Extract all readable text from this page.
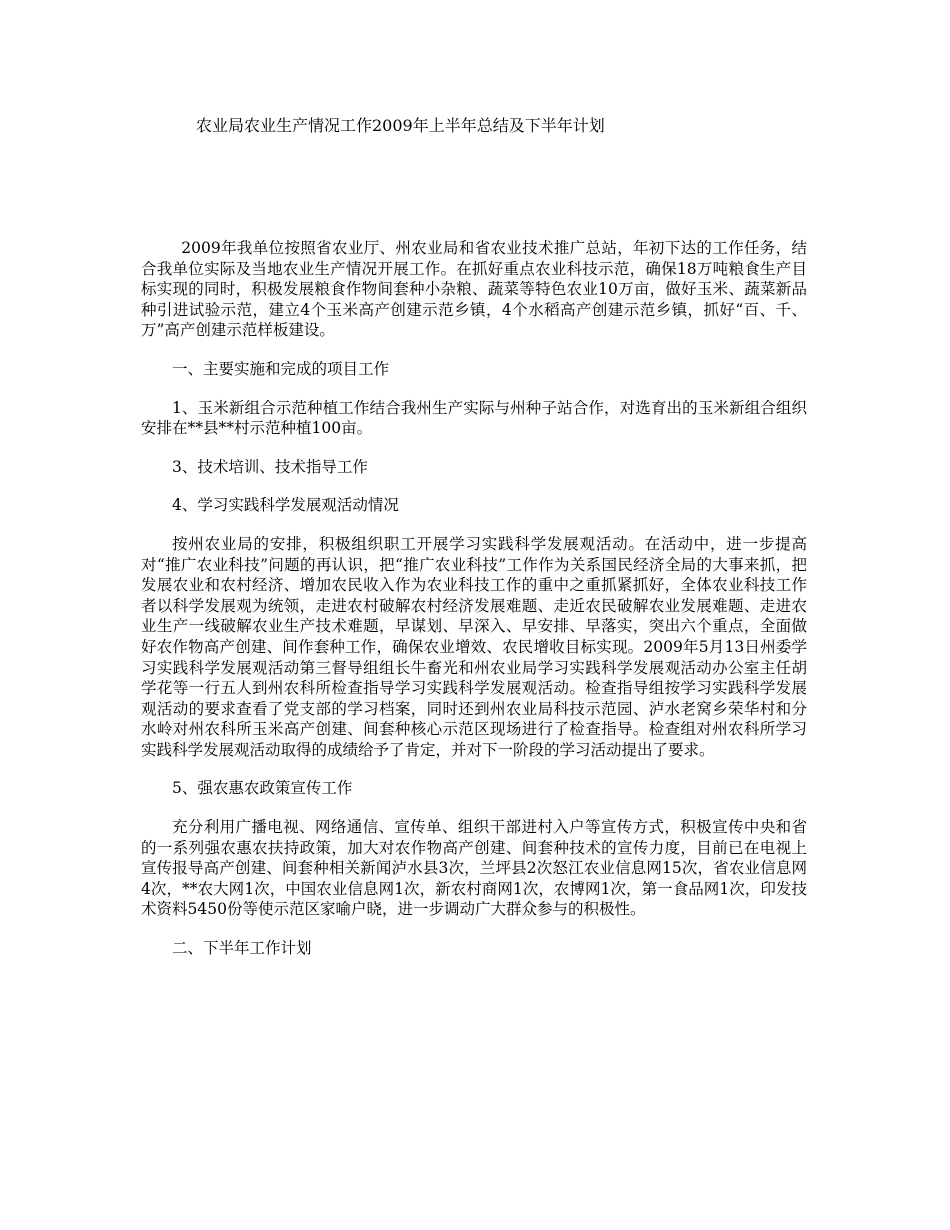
农业局农业生产情况工作2009年上半年总结及下半年计划

2009年我单位按照省农业厅、州农业局和省农业技术推广总站，年初下达的工作任务，结合我单位实际及当地农业生产情况开展工作。在抓好重点农业科技示范，确保18万吨粮食生产目标实现的同时，积极发展粮食作物间套种小杂粮、蔬菜等特色农业10万亩，做好玉米、蔬菜新品种引进试验示范，建立4个玉米高产创建示范乡镇，4个水稻高产创建示范乡镇，抓好“百、千、万”高产创建示范样板建设。

一、主要实施和完成的项目工作

1、玉米新组合示范种植工作结合我州生产实际与州种子站合作，对选育出的玉米新组合组织安排在**县**村示范种植100亩。

3、技术培训、技术指导工作

4、学习实践科学发展观活动情况

按州农业局的安排，积极组织职工开展学习实践科学发展观活动。在活动中，进一步提高对“推广农业科技”问题的再认识，把“推广农业科技”工作作为关系国民经济全局的大事来抓，把发展农业和农村经济、增加农民收入作为农业科技工作的重中之重抓紧抓好，全体农业科技工作者以科学发展观为统领，走进农村破解农村经济发展难题、走近农民破解农业发展难题、走进农业生产一线破解农业生产技术难题，早谋划、早深入、早安排、早落实，突出六个重点，全面做好农作物高产创建、间作套种工作，确保农业增效、农民增收目标实现。2009年5月13日州委学习实践科学发展观活动第三督导组组长牛畜光和州农业局学习实践科学发展观活动办公室主任胡学花等一行五人到州农科所检查指导学习实践科学发展观活动。检查指导组按学习实践科学发展观活动的要求查看了党支部的学习档案，同时还到州农业局科技示范园、泸水老窝乡荣华村和分水岭对州农科所玉米高产创建、间套种核心示范区现场进行了检查指导。检查组对州农科所学习实践科学发展观活动取得的成绩给予了肯定，并对下一阶段的学习活动提出了要求。

5、强农惠农政策宣传工作

充分利用广播电视、网络通信、宣传单、组织干部进村入户等宣传方式，积极宣传中央和省的一系列强农惠农扶持政策，加大对农作物高产创建、间套种技术的宣传力度，目前已在电视上宣传报导高产创建、间套种相关新闻泸水县3次，兰坪县2次怒江农业信息网15次，省农业信息网4次，**农大网1次，中国农业信息网1次，新农村商网1次，农博网1次，第一食品网1次，印发技术资料5450份等使示范区家喻户晓，进一步调动广大群众参与的积极性。

二、下半年工作计划
